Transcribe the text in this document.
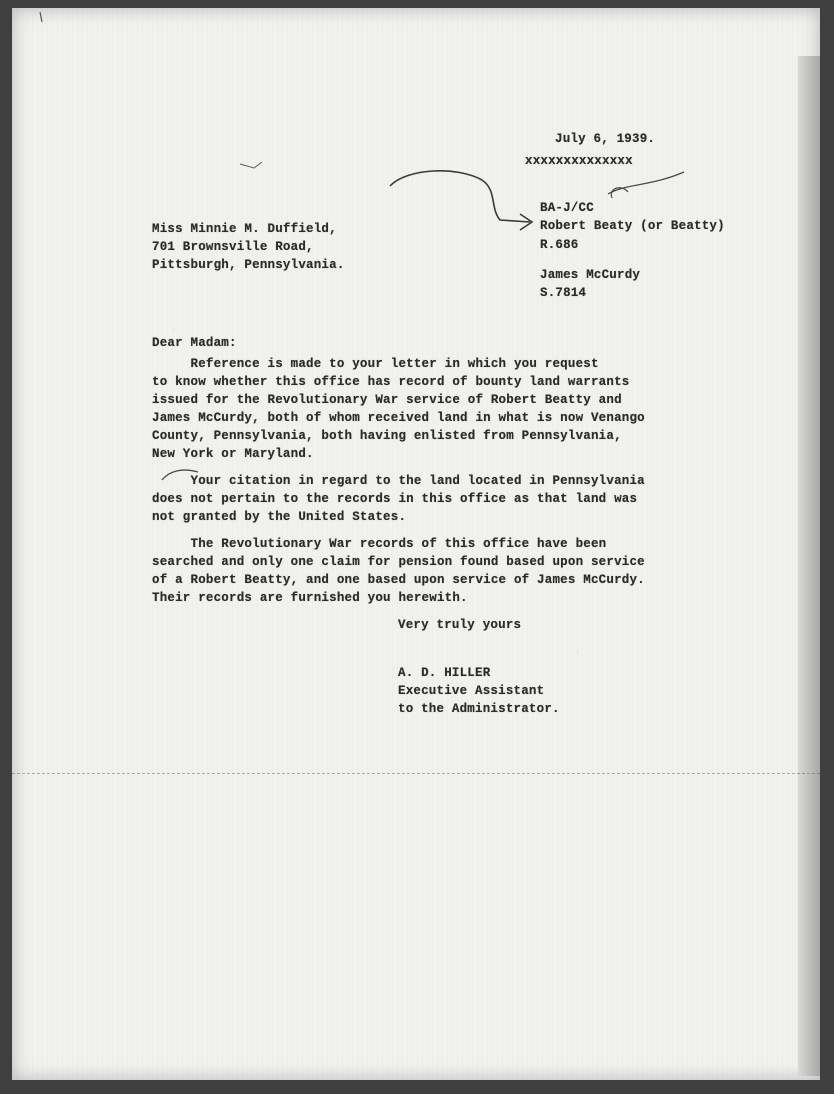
July 6, 1939.
xxxxxxxxxxxxxx
BA-J/CC
Robert Beaty (or Beatty)
R.686
James McCurdy
S.7814
Miss Minnie M. Duffield,
701 Brownsville Road,
Pittsburgh, Pennsylvania.
Dear Madam:
Reference is made to your letter in which you request
to know whether this office has record of bounty land warrants
issued for the Revolutionary War service of Robert Beatty and
James McCurdy, both of whom received land in what is now Venango
County, Pennsylvania, both having enlisted from Pennsylvania,
New York or Maryland.
Your citation in regard to the land located in Pennsylvania
does not pertain to the records in this office as that land was
not granted by the United States.
The Revolutionary War records of this office have been
searched and only one claim for pension found based upon service
of a Robert Beatty, and one based upon service of James McCurdy.
Their records are furnished you herewith.
Very truly yours
A. D. HILLER
Executive Assistant
to the Administrator.
